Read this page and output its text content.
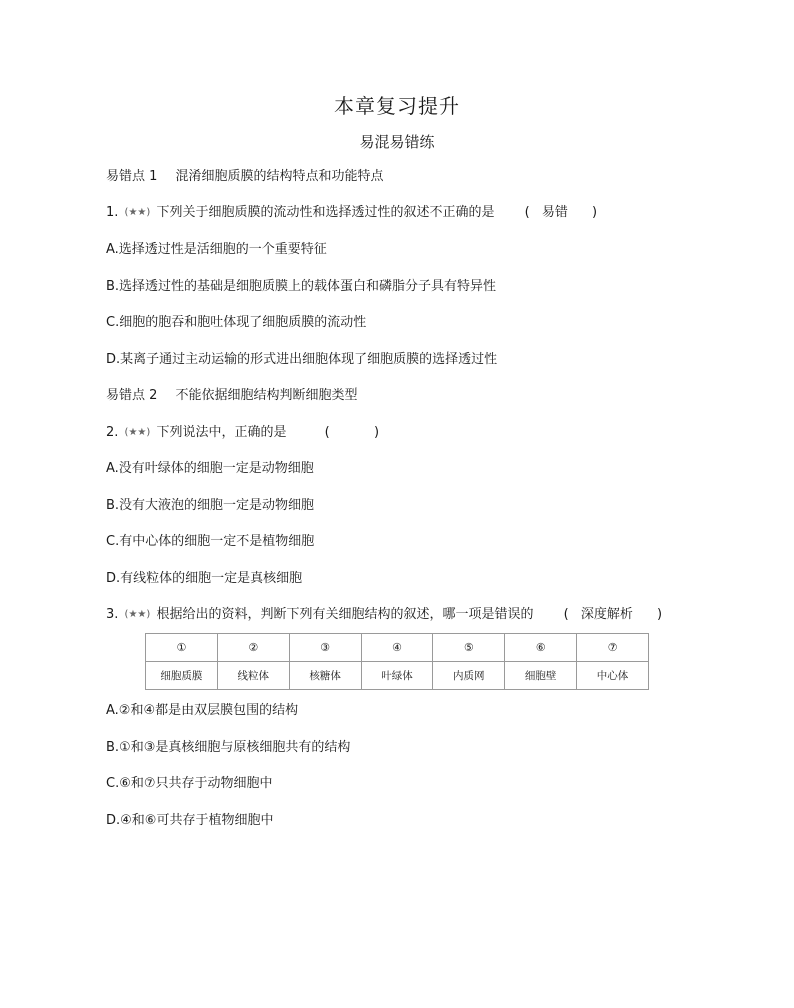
本章复习提升
易混易错练
易错点 1 混淆细胞质膜的结构特点和功能特点
1. (★★) 下列关于细胞质膜的流动性和选择透过性的叙述不正确的是 ( 易错 )
A.选择透过性是活细胞的一个重要特征
B.选择透过性的基础是细胞质膜上的载体蛋白和磷脂分子具有特异性
C.细胞的胞吞和胞吐体现了细胞质膜的流动性
D.某离子通过主动运输的形式进出细胞体现了细胞质膜的选择透过性
易错点 2 不能依据细胞结构判断细胞类型
2. (★★) 下列说法中，正确的是	(	)
A.没有叶绿体的细胞一定是动物细胞
B.没有大液泡的细胞一定是动物细胞
C.有中心体的细胞一定不是植物细胞
D.有线粒体的细胞一定是真核细胞
3. (★★) 根据给出的资料，判断下列有关细胞结构的叙述，哪一项是错误的 ( 深度解析 )
①	②	③	④	⑤	⑥	⑦
细胞质膜	线粒体	核糖体	叶绿体	内质网	细胞壁	中心体
A.②和④都是由双层膜包围的结构
B.①和③是真核细胞与原核细胞共有的结构
C.⑥和⑦只共存于动物细胞中
D.④和⑥可共存于植物细胞中
